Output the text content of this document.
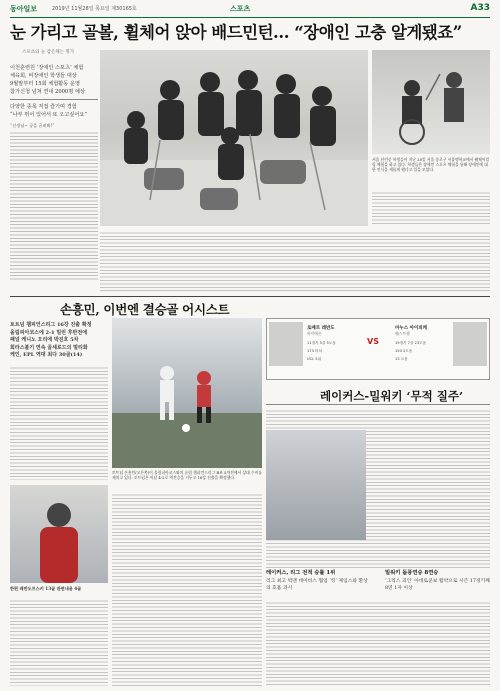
동아일보	2019년 11월28일 목요일 제30165호	스포츠	A33
눈 가리고 골볼, 휠체어 앉아 배드민턴… “장애인 고충 알게됐죠”
스포츠와 눈 감은채는 명가
이천훈련원 ‘장애인 스포츠’ 체험
체육회, 비장애인 학생들 대상
9월말부터 15회 체험활동 운영
참가신청 넘쳐 연내 2000명 예상
다양한 종목 직접 즐기며 경험
“나부 뛰어 있어서 또 오고싶어요”
“선생님~ 공을 굴려봐!”
서울 선린중 학생들이 지난 20일 서울 종로구 서울맹학교에서 휠체어컬링 체험을 하고 있다. 학생들은 장애인 스포츠 체험을 통해 장애인에 대한 인식을 새롭게 했다고 입을 모았다.
손흥민, 이번엔 결승골 어시스트
토트넘 챔피언스리그 16강 진출 확정
올림피아코스에 2-1 밀린 후반전에
패널 케니노 오리에 박진호 5차
회라스볼기 연속 골세로드의 멀티화
케인, EPL 역대 최다 30골(14)
토트넘 손흥민(오른쪽)이 올림피아코스와의 유럽 챔피언스리그 B조 5차전에서 상대 수비를 제치고 있다. 토트넘은 이날 4-2로 역전승을 거두고 16강 진출을 확정했다.
로베르 레반도
바이에른
11경기 5골 5도움
173 터치
UCL 5위
VS
마누스 아이피케
웨스트햄
19경기 7골 23도움
150 2도움
13 도움
레이커스-밀워키 ‘무적 질주’
레이커스, 리그 전적 승률 1위
리그 최고 빅맨 데이비스 협업 ‘킹’ 제임스와 환상의 호흡 과시
밀워키 돌풍연승 8연승
‘그리스 괴인’ 아데토쿤보 활약으로 시즌 17경기째 8연 1자 이상
한편 레반도프스키 13골 관련내용 4골
